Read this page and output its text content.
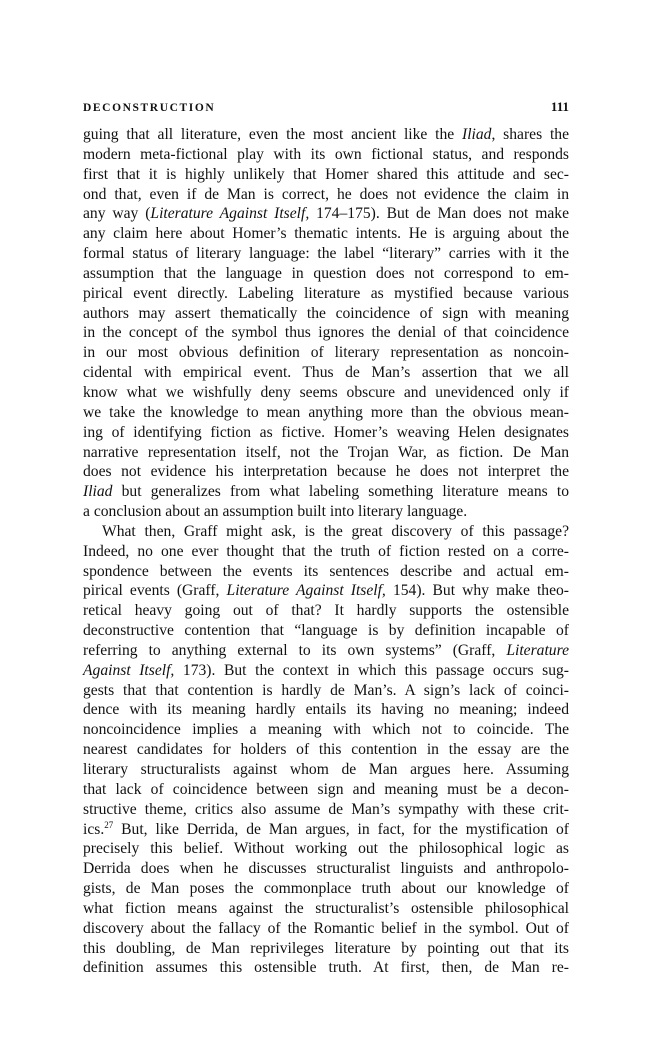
DECONSTRUCTION	111
guing that all literature, even the most ancient like the Iliad, shares the
modern meta-fictional play with its own fictional status, and responds
first that it is highly unlikely that Homer shared this attitude and sec-
ond that, even if de Man is correct, he does not evidence the claim in
any way (Literature Against Itself, 174–175). But de Man does not make
any claim here about Homer’s thematic intents. He is arguing about the
formal status of literary language: the label “literary” carries with it the
assumption that the language in question does not correspond to em-
pirical event directly. Labeling literature as mystified because various
authors may assert thematically the coincidence of sign with meaning
in the concept of the symbol thus ignores the denial of that coincidence
in our most obvious definition of literary representation as noncoin-
cidental with empirical event. Thus de Man’s assertion that we all
know what we wishfully deny seems obscure and unevidenced only if
we take the knowledge to mean anything more than the obvious mean-
ing of identifying fiction as fictive. Homer’s weaving Helen designates
narrative representation itself, not the Trojan War, as fiction. De Man
does not evidence his interpretation because he does not interpret the
Iliad but generalizes from what labeling something literature means to
a conclusion about an assumption built into literary language.
What then, Graff might ask, is the great discovery of this passage?
Indeed, no one ever thought that the truth of fiction rested on a corre-
spondence between the events its sentences describe and actual em-
pirical events (Graff, Literature Against Itself, 154). But why make theo-
retical heavy going out of that? It hardly supports the ostensible
deconstructive contention that “language is by definition incapable of
referring to anything external to its own systems” (Graff, Literature
Against Itself, 173). But the context in which this passage occurs sug-
gests that that contention is hardly de Man’s. A sign’s lack of coinci-
dence with its meaning hardly entails its having no meaning; indeed
noncoincidence implies a meaning with which not to coincide. The
nearest candidates for holders of this contention in the essay are the
literary structuralists against whom de Man argues here. Assuming
that lack of coincidence between sign and meaning must be a decon-
structive theme, critics also assume de Man’s sympathy with these crit-
ics.$^{27}$ But, like Derrida, de Man argues, in fact, for the mystification of
precisely this belief. Without working out the philosophical logic as
Derrida does when he discusses structuralist linguists and anthropolo-
gists, de Man poses the commonplace truth about our knowledge of
what fiction means against the structuralist’s ostensible philosophical
discovery about the fallacy of the Romantic belief in the symbol. Out of
this doubling, de Man reprivileges literature by pointing out that its
definition assumes this ostensible truth. At first, then, de Man re-
